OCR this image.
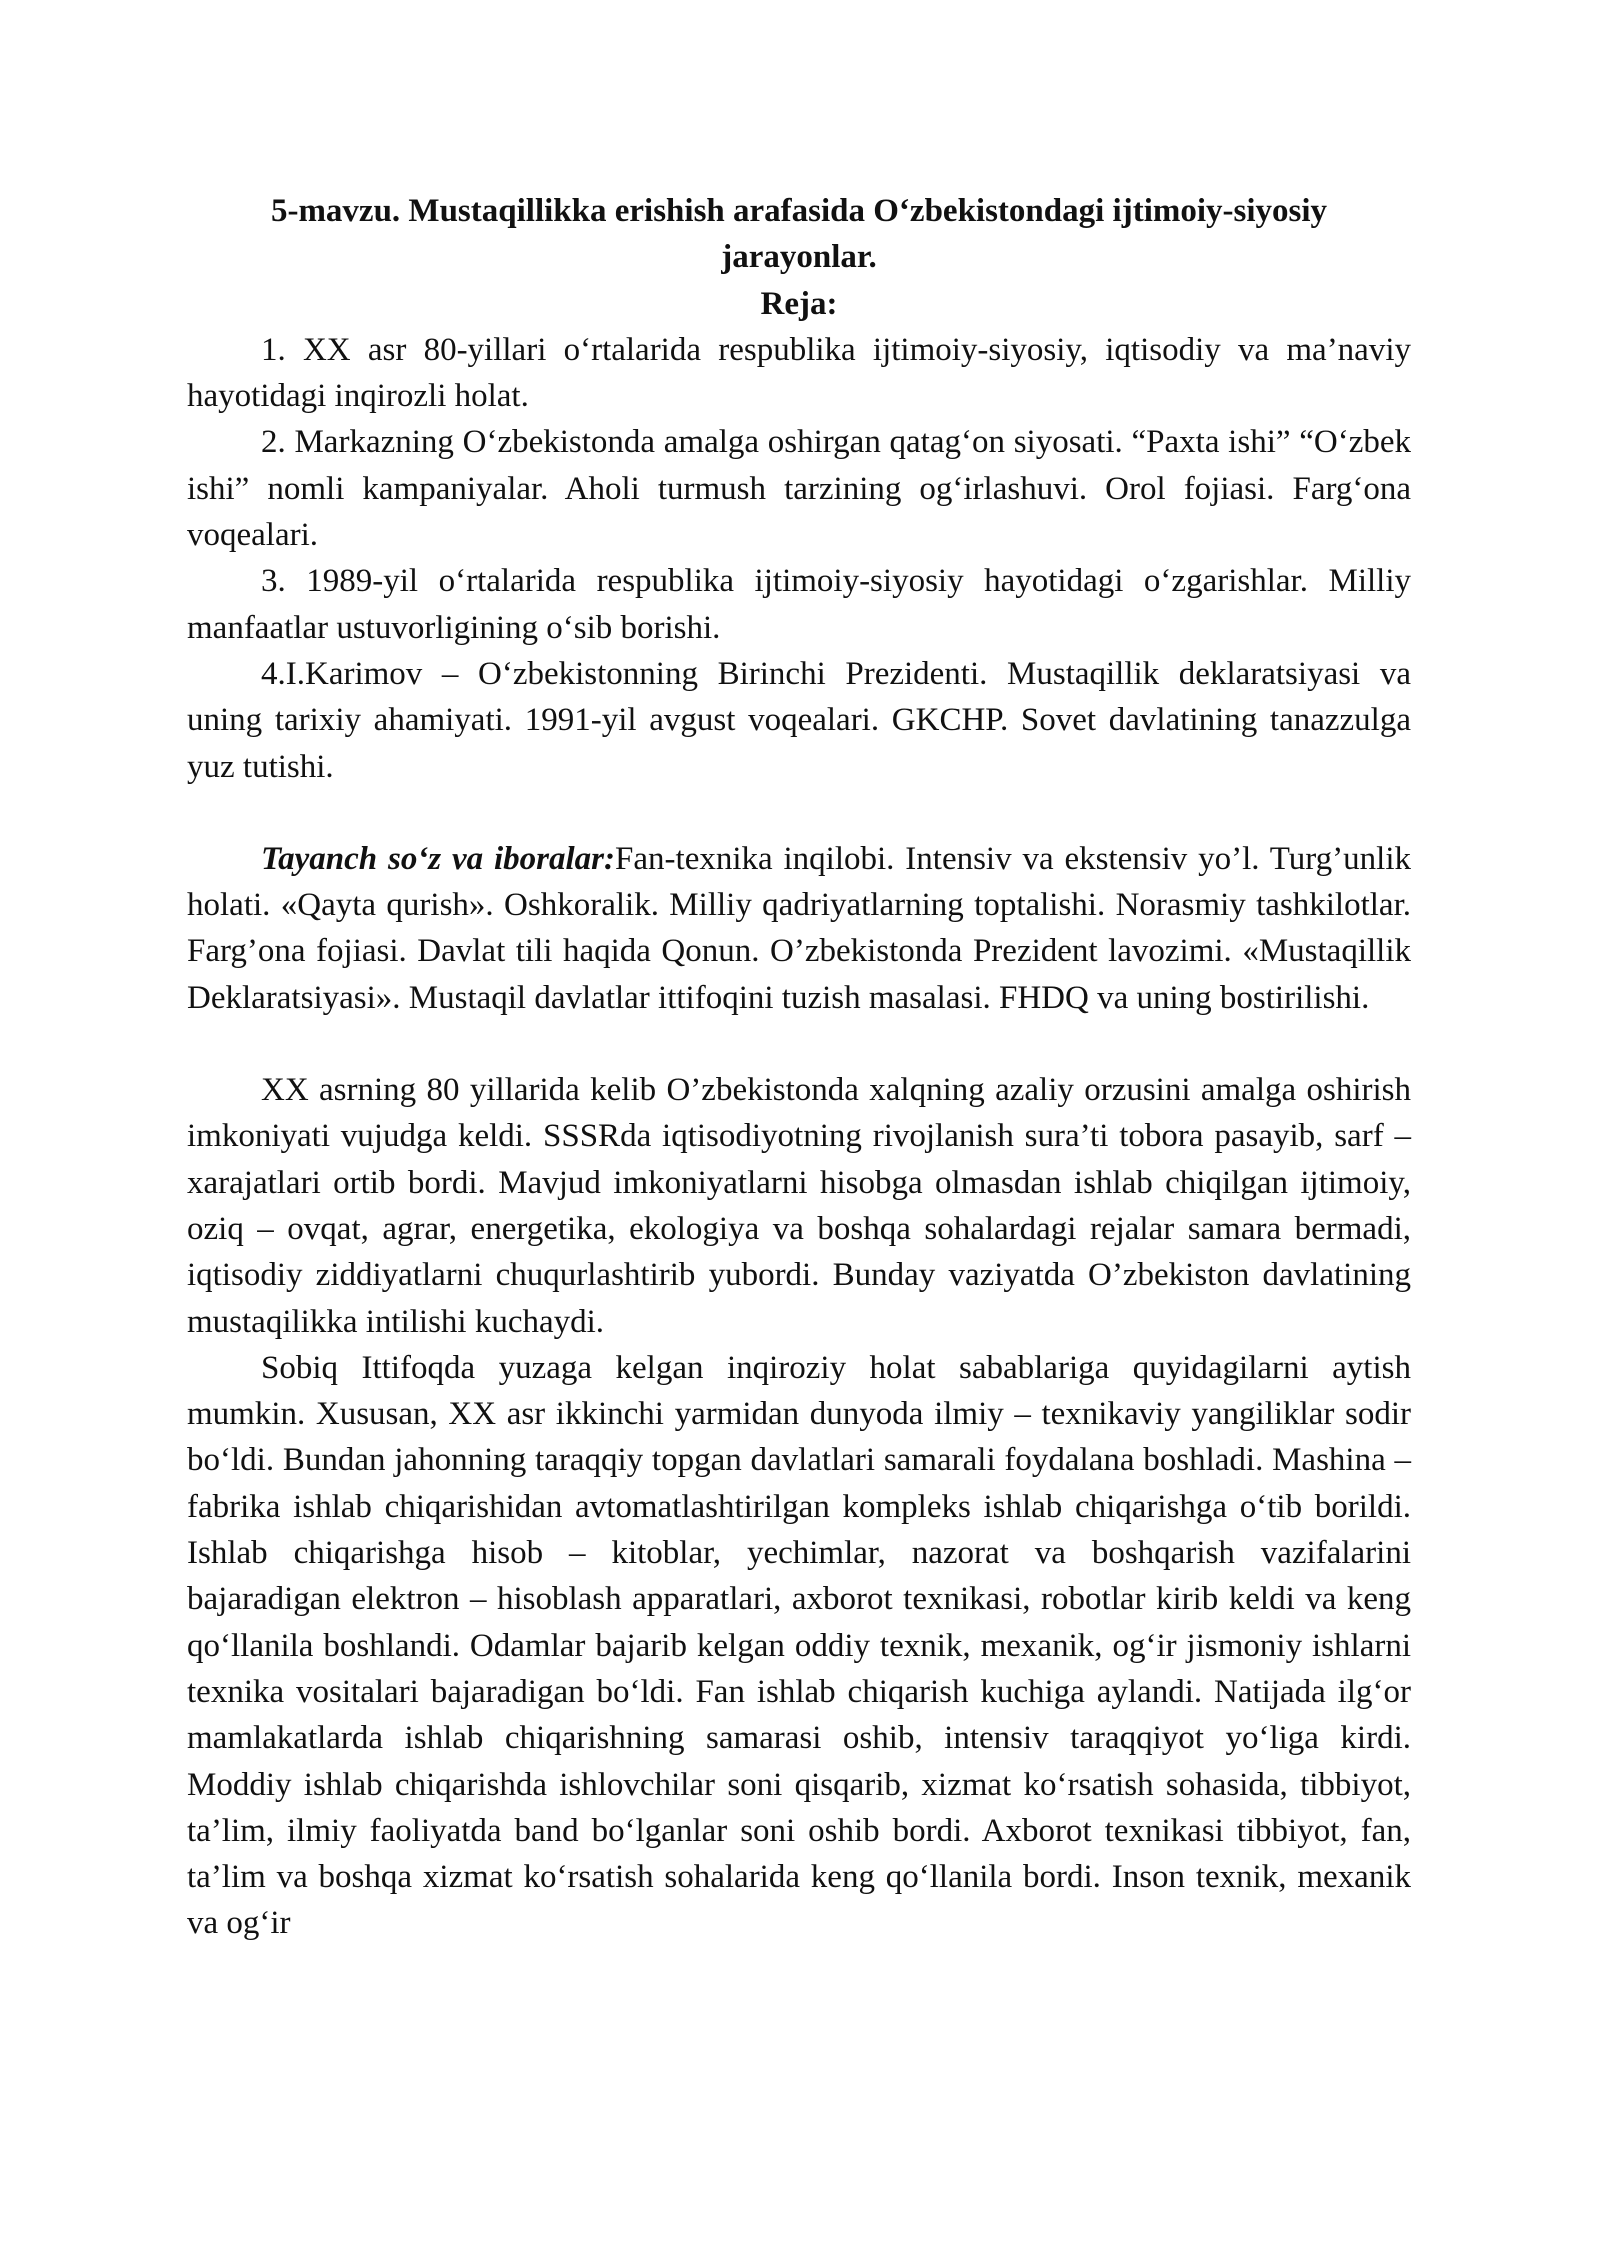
5-mavzu. Mustaqillikka erishish arafasida O‘zbekistondagi ijtimoiy-siyosiy jarayonlar.
Reja:

1. XX asr 80-yillari o‘rtalarida respublika ijtimoiy-siyosiy, iqtisodiy va ma’naviy hayotidagi inqirozli holat.

2. Markazning O‘zbekistonda amalga oshirgan qatag‘on siyosati. “Paxta ishi” “O‘zbek ishi” nomli kampaniyalar. Aholi turmush tarzining og‘irlashuvi. Orol fojiasi. Farg‘ona voqealari.

3. 1989-yil o‘rtalarida respublika ijtimoiy-siyosiy hayotidagi o‘zgarishlar. Milliy manfaatlar ustuvorligining o‘sib borishi.

4.I.Karimov – O‘zbekistonning Birinchi Prezidenti. Mustaqillik deklaratsiyasi va uning tarixiy ahamiyati. 1991-yil avgust voqealari. GKCHP. Sovet davlatining tanazzulga yuz tutishi.

Tayanch so‘z va iboralar:Fan-texnika inqilobi. Intensiv va ekstensiv yo’l. Turg’unlik holati. «Qayta qurish». Oshkoralik. Milliy qadriyatlarning toptalishi. Norasmiy tashkilotlar. Farg’ona fojiasi. Davlat tili haqida Qonun. O’zbekistonda Prezident lavozimi. «Mustaqillik Deklaratsiyasi». Mustaqil davlatlar ittifoqini tuzish masalasi. FHDQ va uning bostirilishi.

XX asrning 80 yillarida kelib O’zbekistonda xalqning azaliy orzusini amalga oshirish imkoniyati vujudga keldi. SSSRda iqtisodiyotning rivojlanish sura’ti tobora pasayib, sarf – xarajatlari ortib bordi. Mavjud imkoniyatlarni hisobga olmasdan ishlab chiqilgan ijtimoiy, oziq – ovqat, agrar, energetika, ekologiya va boshqa sohalardagi rejalar samara bermadi, iqtisodiy ziddiyatlarni chuqurlashtirib yubordi. Bunday vaziyatda O’zbekiston davlatining mustaqilikka intilishi kuchaydi.

Sobiq Ittifoqda yuzaga kelgan inqiroziy holat sabablariga quyidagilarni aytish mumkin. Xususan, XX asr ikkinchi yarmidan dunyoda ilmiy – texnikaviy yangiliklar sodir bo‘ldi. Bundan jahonning taraqqiy topgan davlatlari samarali foydalana boshladi. Mashina – fabrika ishlab chiqarishidan avtomatlashtirilgan kompleks ishlab chiqarishga o‘tib borildi. Ishlab chiqarishga hisob – kitoblar, yechimlar, nazorat va boshqarish vazifalarini bajaradigan elektron – hisoblash apparatlari, axborot texnikasi, robotlar kirib keldi va keng qo‘llanila boshlandi. Odamlar bajarib kelgan oddiy texnik, mexanik, og‘ir jismoniy ishlarni texnika vositalari bajaradigan bo‘ldi. Fan ishlab chiqarish kuchiga aylandi. Natijada ilg‘or mamlakatlarda ishlab chiqarishning samarasi oshib, intensiv taraqqiyot yo‘liga kirdi. Moddiy ishlab chiqarishda ishlovchilar soni qisqarib, xizmat ko‘rsatish sohasida, tibbiyot, ta’lim, ilmiy faoliyatda band bo‘lganlar soni oshib bordi. Axborot texnikasi tibbiyot, fan, ta’lim va boshqa xizmat ko‘rsatish sohalarida keng qo‘llanila bordi. Inson texnik, mexanik va og‘ir
